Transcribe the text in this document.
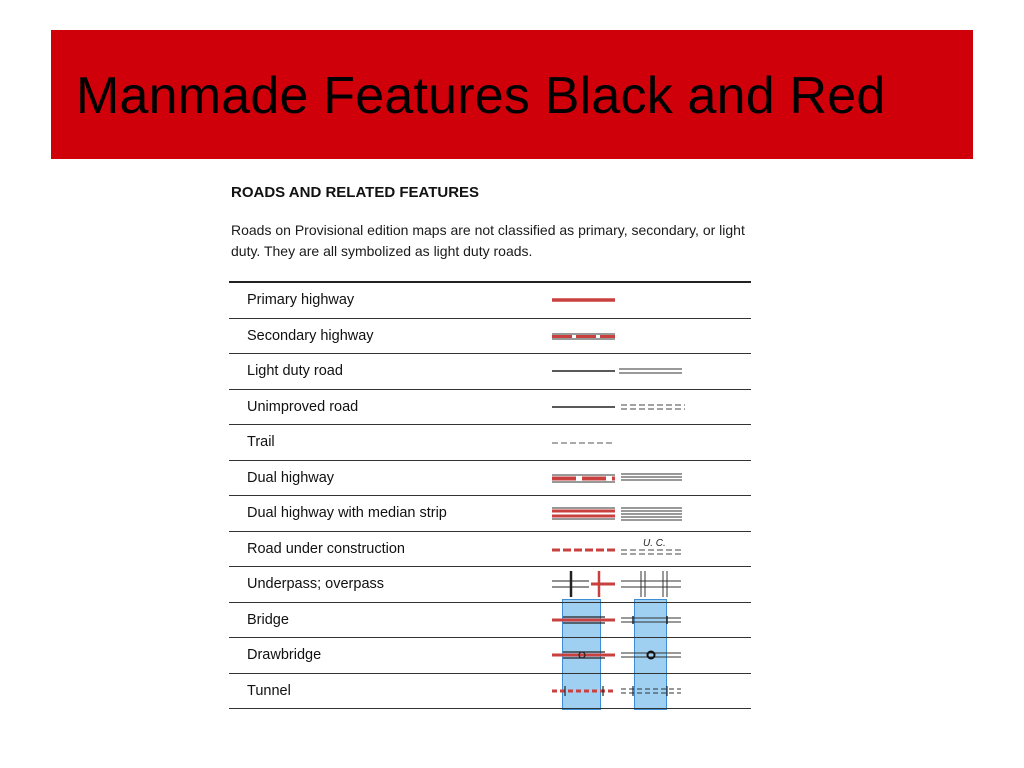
Manmade Features Black and Red
ROADS AND RELATED FEATURES

Roads on Provisional edition maps are not classified as primary, secondary, or light duty. They are all symbolized as light duty roads.

Primary highway
Secondary highway
Light duty road
Unimproved road
Trail
Dual highway
Dual highway with median strip
Road under construction	U. C.
Underpass; overpass
Bridge
Drawbridge
Tunnel
